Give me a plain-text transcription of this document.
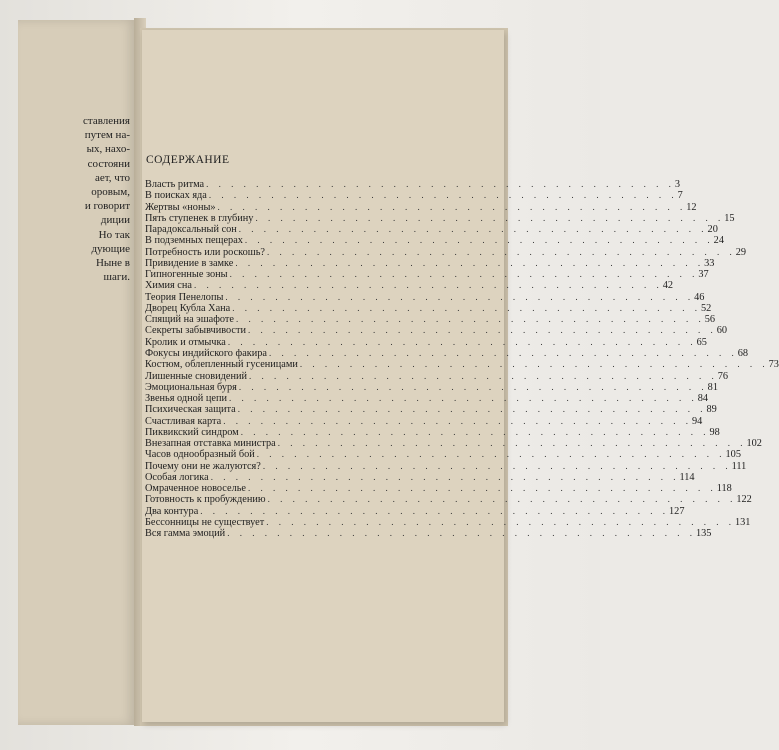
ставления
путем на-
ых, нахо-
состояни
ает, что
оровым,
и говорит
диции
Но так
дующие
Ныне в
шаги.
СОДЕРЖАНИЕ
Власть ритма . . . . . . . . . . . . . . . . . . . . . . . . . . . . . . . . . . . . . . 3
В поисках яда . . . . . . . . . . . . . . . . . . . . . . . . . . . . . . . . . . . . . . 7
Жертвы «ноны» . . . . . . . . . . . . . . . . . . . . . . . . . . . . . . . . . . . . . . 12
Пять ступенек в глубину . . . . . . . . . . . . . . . . . . . . . . . . . . . . . . . . . . . . . . 15
Парадоксальный сон . . . . . . . . . . . . . . . . . . . . . . . . . . . . . . . . . . . . . . 20
В подземных пещерах . . . . . . . . . . . . . . . . . . . . . . . . . . . . . . . . . . . . . . 24
Потребность или роскошь? . . . . . . . . . . . . . . . . . . . . . . . . . . . . . . . . . . . . . . 29
Привидение в замке . . . . . . . . . . . . . . . . . . . . . . . . . . . . . . . . . . . . . . 33
Гипногенные зоны . . . . . . . . . . . . . . . . . . . . . . . . . . . . . . . . . . . . . . 37
Химия сна . . . . . . . . . . . . . . . . . . . . . . . . . . . . . . . . . . . . . . 42
Теория Пенелопы . . . . . . . . . . . . . . . . . . . . . . . . . . . . . . . . . . . . . . 46
Дворец Кубла Хана . . . . . . . . . . . . . . . . . . . . . . . . . . . . . . . . . . . . . . 52
Спящий на эшафоте . . . . . . . . . . . . . . . . . . . . . . . . . . . . . . . . . . . . . . 56
Секреты забывчивости . . . . . . . . . . . . . . . . . . . . . . . . . . . . . . . . . . . . . . 60
Кролик и отмычка . . . . . . . . . . . . . . . . . . . . . . . . . . . . . . . . . . . . . . 65
Фокусы индийского факира . . . . . . . . . . . . . . . . . . . . . . . . . . . . . . . . . . . . . . 68
Костюм, облепленный гусеницами . . . . . . . . . . . . . . . . . . . . . . . . . . . . . . . . . . . . . . 73
Лишенные сновидений . . . . . . . . . . . . . . . . . . . . . . . . . . . . . . . . . . . . . . 76
Эмоциональная буря . . . . . . . . . . . . . . . . . . . . . . . . . . . . . . . . . . . . . . 81
Звенья одной цепи . . . . . . . . . . . . . . . . . . . . . . . . . . . . . . . . . . . . . . 84
Психическая защита . . . . . . . . . . . . . . . . . . . . . . . . . . . . . . . . . . . . . . 89
Счастливая карта . . . . . . . . . . . . . . . . . . . . . . . . . . . . . . . . . . . . . . 94
Пиквикский синдром . . . . . . . . . . . . . . . . . . . . . . . . . . . . . . . . . . . . . . 98
Внезапная отставка министра . . . . . . . . . . . . . . . . . . . . . . . . . . . . . . . . . . . . . . 102
Часов однообразный бой . . . . . . . . . . . . . . . . . . . . . . . . . . . . . . . . . . . . . . 105
Почему они не жалуются? . . . . . . . . . . . . . . . . . . . . . . . . . . . . . . . . . . . . . . 111
Особая логика . . . . . . . . . . . . . . . . . . . . . . . . . . . . . . . . . . . . . . 114
Омраченное новоселье . . . . . . . . . . . . . . . . . . . . . . . . . . . . . . . . . . . . . . 118
Готовность к пробуждению . . . . . . . . . . . . . . . . . . . . . . . . . . . . . . . . . . . . . . 122
Два контура . . . . . . . . . . . . . . . . . . . . . . . . . . . . . . . . . . . . . . 127
Бессонницы не существует . . . . . . . . . . . . . . . . . . . . . . . . . . . . . . . . . . . . . . 131
Вся гамма эмоций . . . . . . . . . . . . . . . . . . . . . . . . . . . . . . . . . . . . . . 135
